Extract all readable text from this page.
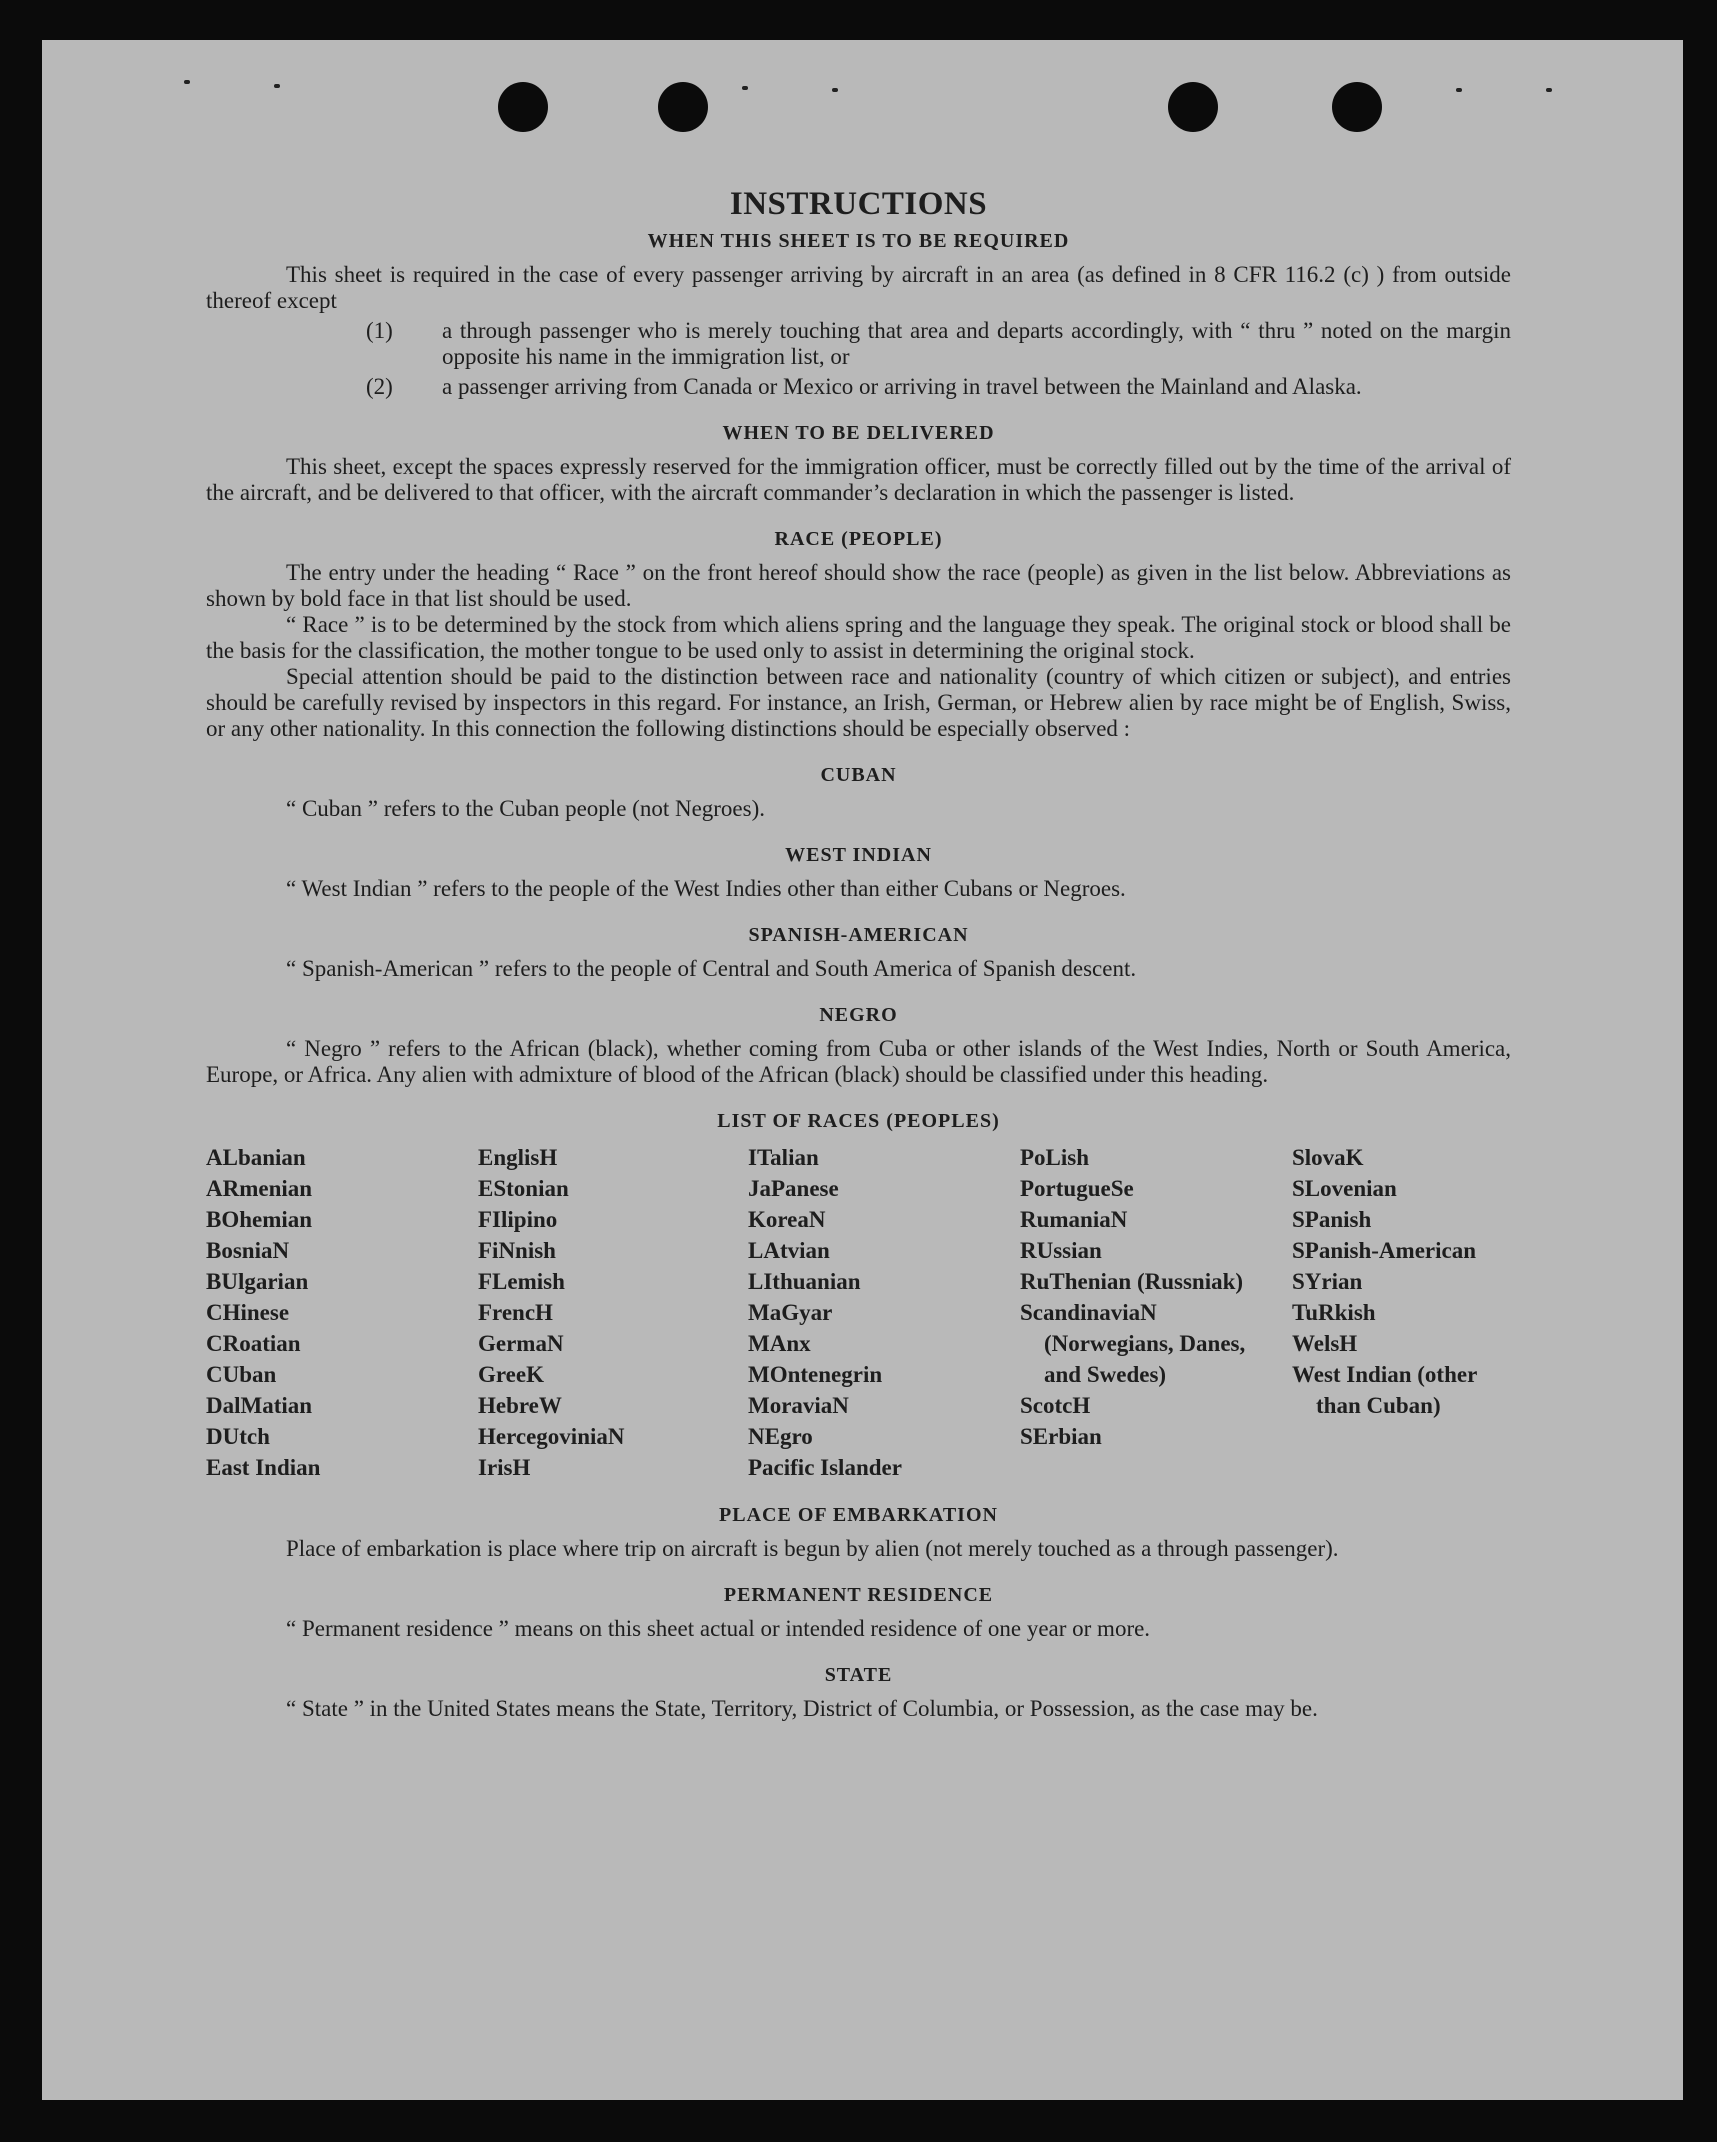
INSTRUCTIONS
WHEN THIS SHEET IS TO BE REQUIRED

This sheet is required in the case of every passenger arriving by aircraft in an area (as defined in 8 CFR 116.2 (c) ) from outside thereof except

(1) a through passenger who is merely touching that area and departs accordingly, with “ thru ” noted on the margin opposite his name in the immigration list, or

(2) a passenger arriving from Canada or Mexico or arriving in travel between the Mainland and Alaska.

WHEN TO BE DELIVERED

This sheet, except the spaces expressly reserved for the immigration officer, must be correctly filled out by the time of the arrival of the aircraft, and be delivered to that officer, with the aircraft commander’s declaration in which the passenger is listed.

RACE (PEOPLE)

The entry under the heading “ Race ” on the front hereof should show the race (people) as given in the list below. Abbreviations as shown by bold face in that list should be used.

“ Race ” is to be determined by the stock from which aliens spring and the language they speak. The original stock or blood shall be the basis for the classification, the mother tongue to be used only to assist in determining the original stock.

Special attention should be paid to the distinction between race and nationality (country of which citizen or subject), and entries should be carefully revised by inspectors in this regard. For instance, an Irish, German, or Hebrew alien by race might be of English, Swiss, or any other nationality. In this connection the following distinctions should be especially observed :

CUBAN

“ Cuban ” refers to the Cuban people (not Negroes).

WEST INDIAN

“ West Indian ” refers to the people of the West Indies other than either Cubans or Negroes.

SPANISH-AMERICAN

“ Spanish-American ” refers to the people of Central and South America of Spanish descent.

NEGRO

“ Negro ” refers to the African (black), whether coming from Cuba or other islands of the West Indies, North or South America, Europe, or Africa. Any alien with admixture of blood of the African (black) should be classified under this heading.

LIST OF RACES (PEOPLES)
ALbanian
ARmenian
BOhemian
BosniaN
BUlgarian
CHinese
CRoatian
CUban
DalMatian
DUtch
East Indian
EnglisH
EStonian
FIlipino
FiNnish
FLemish
FrencH
GermaN
GreeK
HebreW
HercegoviniaN
IrisH
ITalian
JaPanese
KoreaN
LAtvian
LIthuanian
MaGyar
MAnx
MOntenegrin
MoraviaN
NEgro
Pacific Islander
PoLish
PortugueSe
RumaniaN
RUssian
RuThenian (Russniak)
ScandinaviaN (Norwegians, Danes, and Swedes)
ScotcH
SErbian
SlovaK
SLovenian
SPanish
SPanish-American
SYrian
TuRkish
WelsH
West Indian (other than Cuban)
PLACE OF EMBARKATION

Place of embarkation is place where trip on aircraft is begun by alien (not merely touched as a through passenger).

PERMANENT RESIDENCE

“ Permanent residence ” means on this sheet actual or intended residence of one year or more.

STATE

“ State ” in the United States means the State, Territory, District of Columbia, or Possession, as the case may be.
